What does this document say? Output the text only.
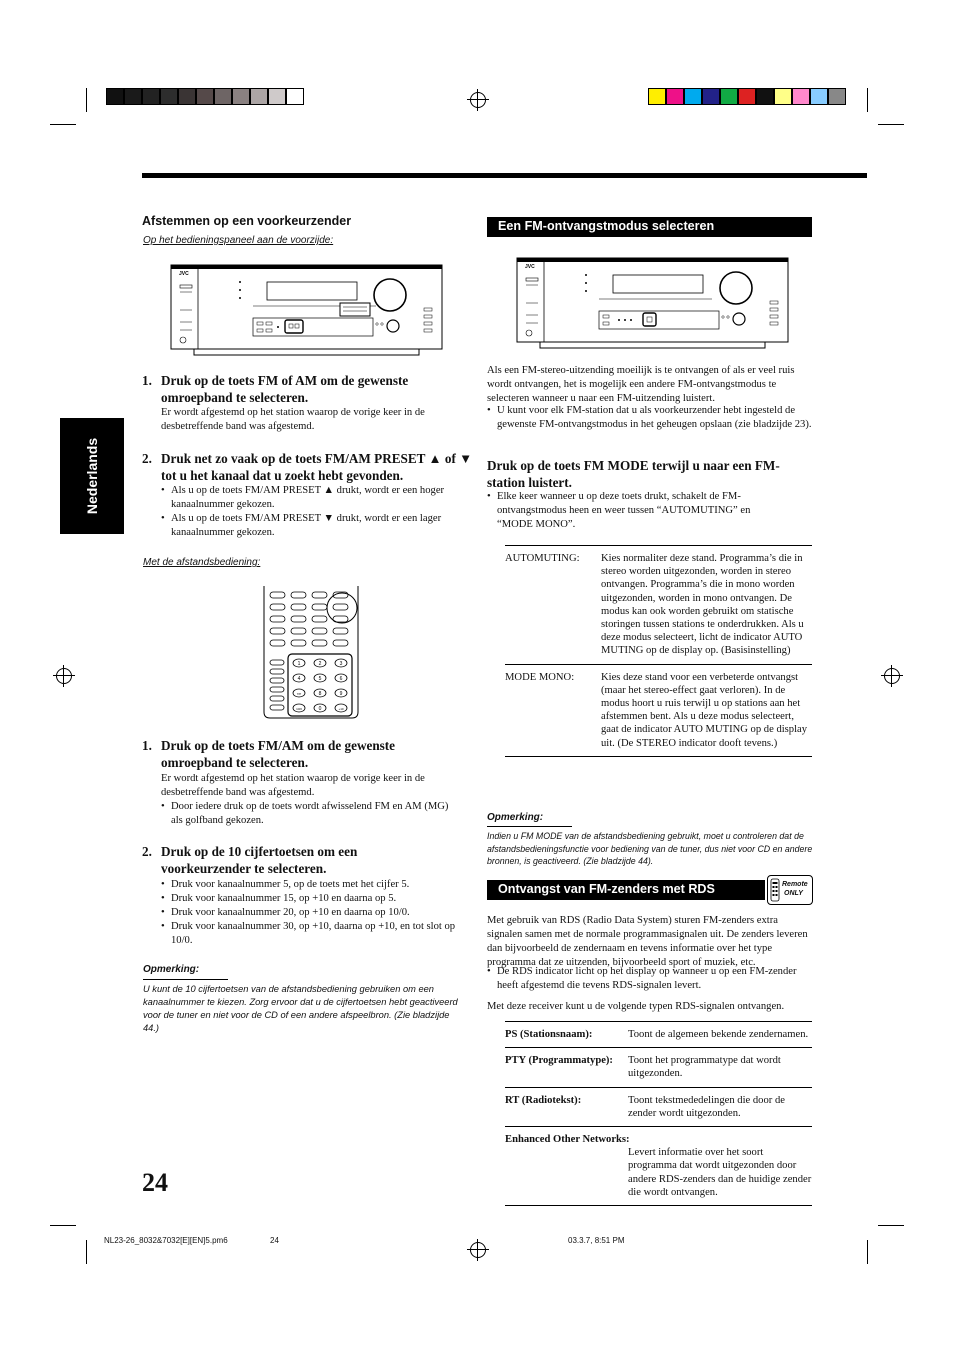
Nederlands
Afstemmen op een voorkeurzender
Op het bedieningspaneel aan de voorzijde:
JVC
1. Druk op de toets FM of AM om de gewenste omroepband te selecteren.
Er wordt afgestemd op het station waarop de vorige keer in de desbetreffende band was afgestemd.
2. Druk net zo vaak op de toets FM/AM PRESET ▲ of ▼ tot u het kanaal dat u zoekt hebt gevonden.
• Als u op de toets FM/AM PRESET ▲ drukt, wordt er een hoger kanaalnummer gekozen.
• Als u op de toets FM/AM PRESET ▼ drukt, wordt er een lager kanaalnummer gekozen.
Met de afstandsbediening:
1	2	3
4	5	6
7/P	8	9
10/0	0	+10
1. Druk op de toets FM/AM om de gewenste omroepband te selecteren.
Er wordt afgestemd op het station waarop de vorige keer in de desbetreffende band was afgestemd.
• Door iedere druk op de toets wordt afwisselend FM en AM (MG) als golfband gekozen.
2. Druk op de 10 cijfertoetsen om een voorkeurzender te selecteren.
• Druk voor kanaalnummer 5, op de toets met het cijfer 5.
• Druk voor kanaalnummer 15, op +10 en daarna op 5.
• Druk voor kanaalnummer 20, op +10 en daarna op 10/0.
• Druk voor kanaalnummer 30, op +10, daarna op +10, en tot slot op 10/0.
Opmerking:
U kunt de 10 cijfertoetsen van de afstandsbediening gebruiken om een kanaalnummer te kiezen. Zorg ervoor dat u de cijfertoetsen hebt geactiveerd voor de tuner en niet voor de CD of een andere afspeelbron. (Zie bladzijde 44.)
Een FM-ontvangstmodus selecteren
JVC
Als een FM-stereo-uitzending moeilijk is te ontvangen of als er veel ruis wordt ontvangen, het is mogelijk een andere FM-ontvangstmodus te selecteren wanneer u naar een FM-uitzending luistert.
• U kunt voor elk FM-station dat u als voorkeurzender hebt ingesteld de gewenste FM-ontvangstmodus in het geheugen opslaan (zie bladzijde 23).
Druk op de toets FM MODE terwijl u naar een FM-station luistert.
• Elke keer wanneer u op deze toets drukt, schakelt de FM-ontvangstmodus heen en weer tussen “AUTOMUTING” en “MODE MONO”.
AUTOMUTING:	Kies normaliter deze stand. Programma’s die in stereo worden uitgezonden, worden in stereo ontvangen. Programma’s die in mono worden uitgezonden, worden in mono ontvangen. De modus kan ook worden gebruikt om statische storingen tussen stations te onderdrukken. Als u deze modus selecteert, licht de indicator AUTO MUTING op de display op. (Basisinstelling)
MODE MONO:	Kies deze stand voor een verbeterde ontvangst (maar het stereo-effect gaat verloren). In de modus hoort u ruis terwijl u op stations aan het afstemmen bent. Als u deze modus selecteert, gaat de indicator AUTO MUTING op de display uit. (De STEREO indicator dooft tevens.)
Opmerking:
Indien u FM MODE van de afstandsbediening gebruikt, moet u controleren dat de afstandsbedieningsfunctie voor bediening van de tuner, dus niet voor CD en andere bronnen, is geactiveerd. (Zie bladzijde 44).
Ontvangst van FM-zenders met RDS	Remote
ONLY
Met gebruik van RDS (Radio Data System) sturen FM-zenders extra signalen samen met de normale programmasignalen uit. De zenders leveren dan bijvoorbeeld de zendernaam en tevens informatie over het type programma dat ze uitzenden, bijvoorbeeld sport of muziek, etc.
• De RDS indicator licht op het display op wanneer u op een FM-zender heeft afgestemd die tevens RDS-signalen levert.
Met deze receiver kunt u de volgende typen RDS-signalen ontvangen.
PS (Stationsnaam):	Toont de algemeen bekende zendernamen.
PTY (Programmatype):	Toont het programmatype dat wordt uitgezonden.
RT (Radiotekst):	Toont tekstmededelingen die door de zender wordt uitgezonden.

Enhanced Other Networks:
Levert informatie over het soort programma dat wordt uitgezonden door andere RDS-zenders dan de huidige zender die wordt ontvangen.	
24
NL23-26_8032&7032[E][EN]5.pm6	24	03.3.7, 8:51 PM
